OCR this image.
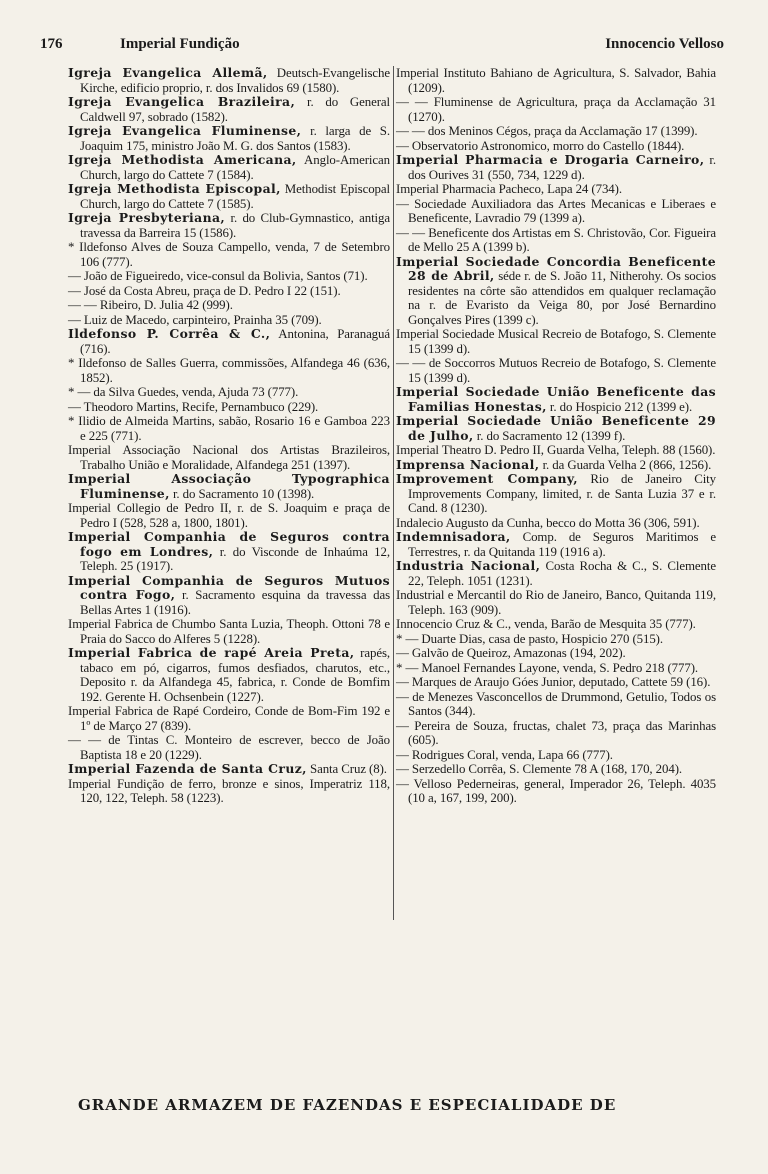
176	Imperial Fundição	Innocencio Velloso
Igreja Evangelica Allemã, Deutsch-Evangelische Kirche, edificio proprio, r. dos Invalidos 69 (1580).
Igreja Evangelica Brazileira, r. do General Caldwell 97, sobrado (1582).
Igreja Evangelica Fluminense, r. larga de S. Joaquim 175, ministro João M. G. dos Santos (1583).
Igreja Methodista Americana, Anglo-American Church, largo do Cattete 7 (1584).
Igreja Methodista Episcopal, Methodist Episcopal Church, largo do Cattete 7 (1585).
Igreja Presbyteriana, r. do Club-Gymnastico, antiga travessa da Barreira 15 (1586).
* Ildefonso Alves de Souza Campello, venda, 7 de Setembro 106 (777).
— João de Figueiredo, vice-consul da Bolivia, Santos (71).
— José da Costa Abreu, praça de D. Pedro I 22 (151).
— — Ribeiro, D. Julia 42 (999).
— Luiz de Macedo, carpinteiro, Prainha 35 (709).
Ildefonso P. Corrêa & C., Antonina, Paranaguá (716).
* Ildefonso de Salles Guerra, commissões, Alfandega 46 (636, 1852).
* — da Silva Guedes, venda, Ajuda 73 (777).
— Theodoro Martins, Recife, Pernambuco (229).
* Ilidio de Almeida Martins, sabão, Rosario 16 e Gamboa 223 e 225 (771).
Imperial Associação Nacional dos Artistas Brazileiros, Trabalho União e Moralidade, Alfandega 251 (1397).
Imperial Associação Typographica Fluminense, r. do Sacramento 10 (1398).
Imperial Collegio de Pedro II, r. de S. Joaquim e praça de Pedro I (528, 528 a, 1800, 1801).
Imperial Companhia de Seguros contra fogo em Londres, r. do Visconde de Inhaúma 12, Teleph. 25 (1917).
Imperial Companhia de Seguros Mutuos contra Fogo, r. Sacramento esquina da travessa das Bellas Artes 1 (1916).
Imperial Fabrica de Chumbo Santa Luzia, Theoph. Ottoni 78 e Praia do Sacco do Alferes 5 (1228).
Imperial Fabrica de rapé Areia Preta, rapés, tabaco em pó, cigarros, fumos desfiados, charutos, etc., Deposito r. da Alfandega 45, fabrica, r. Conde de Bomfim 192. Gerente H. Ochsenbein (1227).
Imperial Fabrica de Rapé Cordeiro, Conde de Bom-Fim 192 e 1º de Março 27 (839).
— — de Tintas C. Monteiro de escrever, becco de João Baptista 18 e 20 (1229).
Imperial Fazenda de Santa Cruz, Santa Cruz (8).
Imperial Fundição de ferro, bronze e sinos, Imperatriz 118, 120, 122, Teleph. 58 (1223).
Imperial Instituto Bahiano de Agricultura, S. Salvador, Bahia (1209).
— — Fluminense de Agricultura, praça da Acclamação 31 (1270).
— — dos Meninos Cégos, praça da Acclamação 17 (1399).
— Observatorio Astronomico, morro do Castello (1844).
Imperial Pharmacia e Drogaria Carneiro, r. dos Ourives 31 (550, 734, 1229 d).
Imperial Pharmacia Pacheco, Lapa 24 (734).
— Sociedade Auxiliadora das Artes Mecanicas e Liberaes e Beneficente, Lavradio 79 (1399 a).
— — Beneficente dos Artistas em S. Christovão, Cor. Figueira de Mello 25 A (1399 b).
Imperial Sociedade Concordia Beneficente 28 de Abril, séde r. de S. João 11, Nitherohy. Os socios residentes na côrte são attendidos em qualquer reclamação na r. de Evaristo da Veiga 80, por José Bernardino Gonçalves Pires (1399 c).
Imperial Sociedade Musical Recreio de Botafogo, S. Clemente 15 (1399 d).
— — de Soccorros Mutuos Recreio de Botafogo, S. Clemente 15 (1399 d).
Imperial Sociedade União Beneficente das Familias Honestas, r. do Hospicio 212 (1399 e).
Imperial Sociedade União Beneficente 29 de Julho, r. do Sacramento 12 (1399 f).
Imperial Theatro D. Pedro II, Guarda Velha, Teleph. 88 (1560).
Imprensa Nacional, r. da Guarda Velha 2 (866, 1256).
Improvement Company, Rio de Janeiro City Improvements Company, limited, r. de Santa Luzia 37 e r. Cand. 8 (1230).
Indalecio Augusto da Cunha, becco do Motta 36 (306, 591).
Indemnisadora, Comp. de Seguros Maritimos e Terrestres, r. da Quitanda 119 (1916 a).
Industria Nacional, Costa Rocha & C., S. Clemente 22, Teleph. 1051 (1231).
Industrial e Mercantil do Rio de Janeiro, Banco, Quitanda 119, Teleph. 163 (909).
Innocencio Cruz & C., venda, Barão de Mesquita 35 (777).
* — Duarte Dias, casa de pasto, Hospicio 270 (515).
— Galvão de Queiroz, Amazonas (194, 202).
* — Manoel Fernandes Layone, venda, S. Pedro 218 (777).
— Marques de Araujo Góes Junior, deputado, Cattete 59 (16).
— de Menezes Vasconcellos de Drummond, Getulio, Todos os Santos (344).
— Pereira de Souza, fructas, chalet 73, praça das Marinhas (605).
— Rodrigues Coral, venda, Lapa 66 (777).
— Serzedello Corrêa, S. Clemente 78 A (168, 170, 204).
— Velloso Pederneiras, general, Imperador 26, Teleph. 4035 (10 a, 167, 199, 200).
GRANDE ARMAZEM DE FAZENDAS E ESPECIALIDADE DE
